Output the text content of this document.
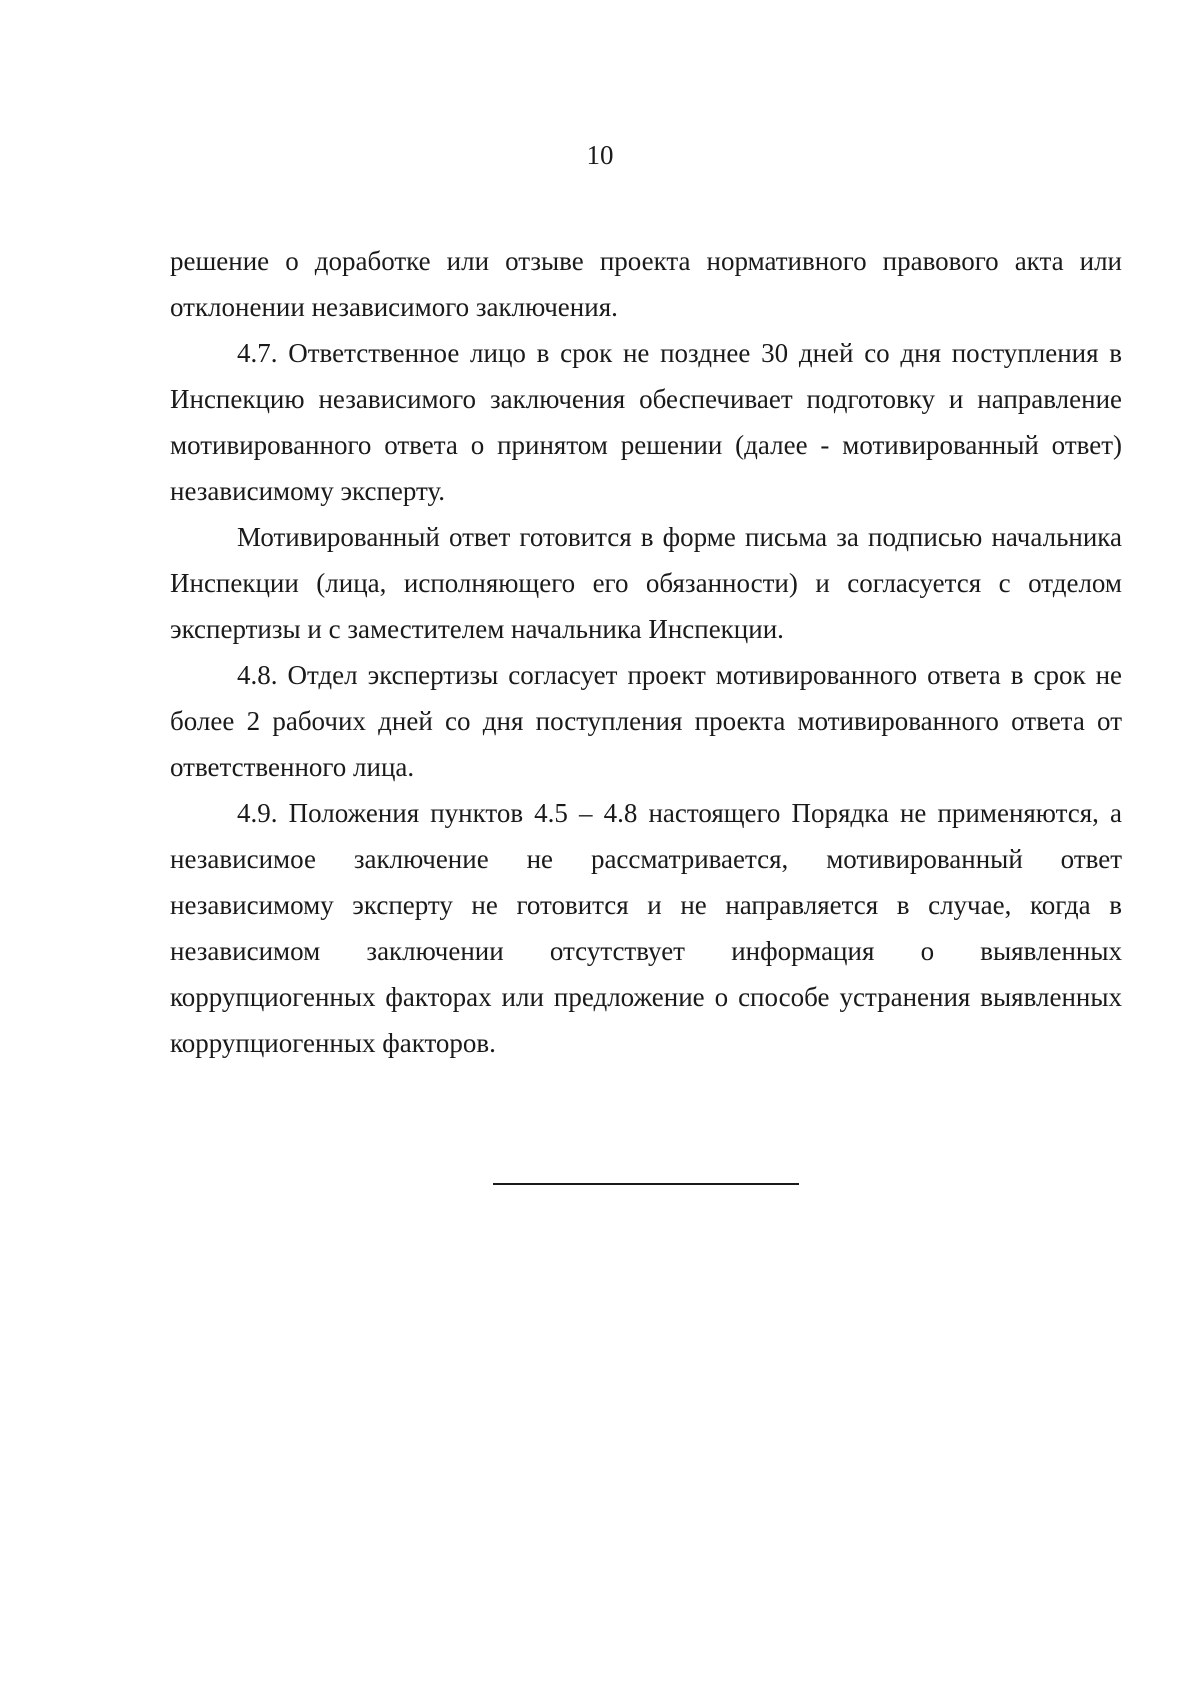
10

решение о доработке или отзыве проекта нормативного правового акта или отклонении независимого заключения.

4.7. Ответственное лицо в срок не позднее 30 дней со дня поступления в Инспекцию независимого заключения обеспечивает подготовку и направление мотивированного ответа о принятом решении (далее - мотивированный ответ) независимому эксперту.

Мотивированный ответ готовится в форме письма за подписью начальника Инспекции (лица, исполняющего его обязанности) и согласуется с отделом экспертизы и с заместителем начальника Инспекции.

4.8. Отдел экспертизы согласует проект мотивированного ответа в срок не более 2 рабочих дней со дня поступления проекта мотивированного ответа от ответственного лица.

4.9. Положения пунктов 4.5 – 4.8 настоящего Порядка не применяются, а независимое заключение не рассматривается, мотивированный ответ независимому эксперту не готовится и не направляется в случае, когда в независимом заключении отсутствует информация о выявленных коррупциогенных факторах или предложение о способе устранения выявленных коррупциогенных факторов.
